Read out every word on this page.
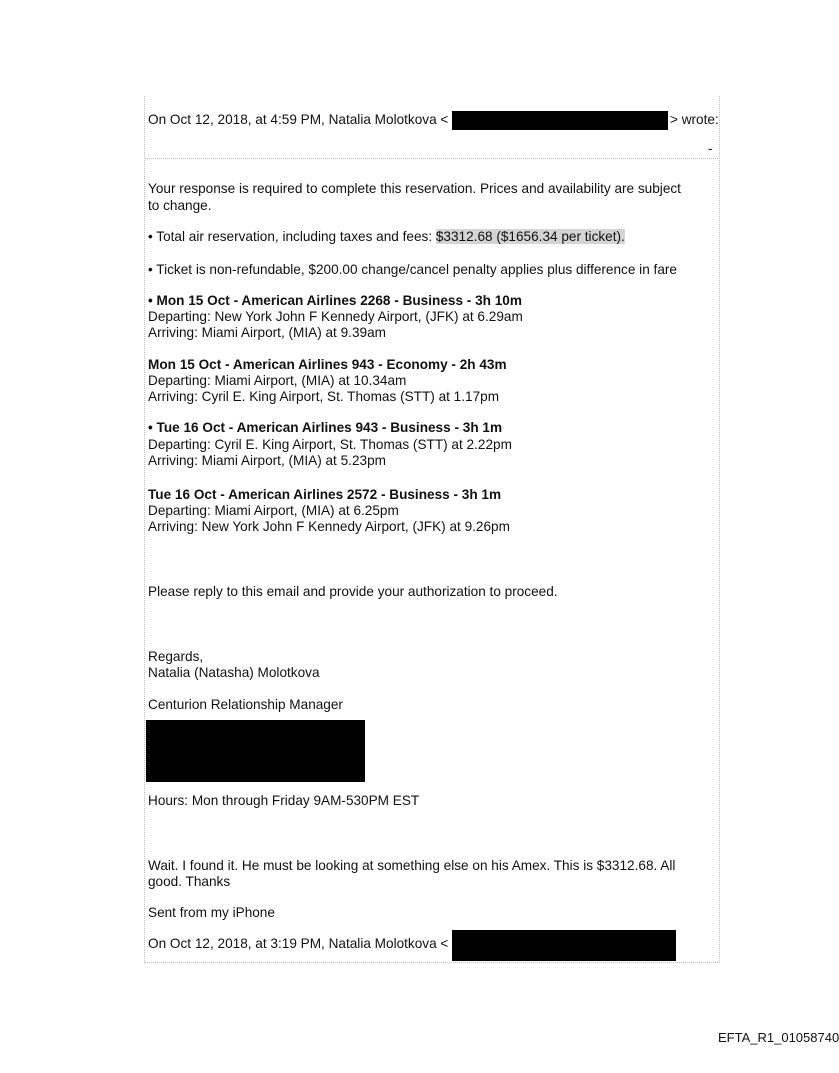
On Oct 12, 2018, at 4:59 PM, Natalia Molotkova <	> wrote:
-
Your response is required to complete this reservation. Prices and availability are subject
to change.
• Total air reservation, including taxes and fees: $3312.68 ($1656.34 per ticket).
• Ticket is non-refundable, $200.00 change/cancel penalty applies plus difference in fare
• Mon 15 Oct - American Airlines 2268 - Business - 3h 10m
Departing: New York John F Kennedy Airport, (JFK) at 6.29am
Arriving: Miami Airport, (MIA) at 9.39am
Mon 15 Oct - American Airlines 943 - Economy - 2h 43m
Departing: Miami Airport, (MIA) at 10.34am
Arriving: Cyril E. King Airport, St. Thomas (STT) at 1.17pm
• Tue 16 Oct - American Airlines 943 - Business - 3h 1m
Departing: Cyril E. King Airport, St. Thomas (STT) at 2.22pm
Arriving: Miami Airport, (MIA) at 5.23pm
Tue 16 Oct - American Airlines 2572 - Business - 3h 1m
Departing: Miami Airport, (MIA) at 6.25pm
Arriving: New York John F Kennedy Airport, (JFK) at 9.26pm
Please reply to this email and provide your authorization to proceed.
Regards,
Natalia (Natasha) Molotkova
Centurion Relationship Manager
Hours: Mon through Friday 9AM-530PM EST
Wait. I found it. He must be looking at something else on his Amex. This is $3312.68. All
good. Thanks
Sent from my iPhone
On Oct 12, 2018, at 3:19 PM, Natalia Molotkova <
EFTA_R1_01058740
